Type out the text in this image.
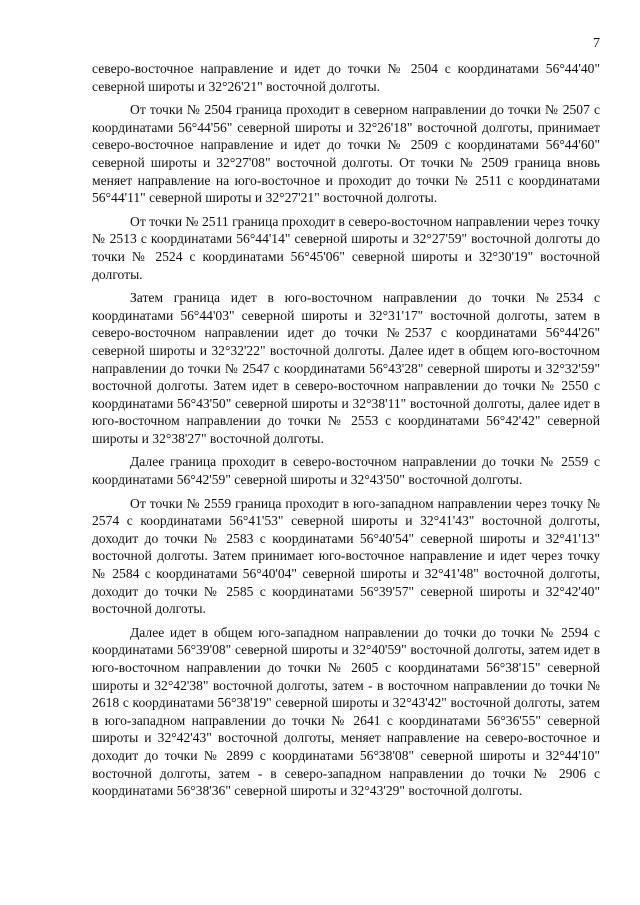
7

северо-восточное направление и идет до точки № 2504 с координатами 56°44'40" северной широты и 32°26'21" восточной долготы.

От точки № 2504 граница проходит в северном направлении до точки № 2507 с координатами 56°44'56" северной широты и 32°26'18" восточной долготы, принимает северо-восточное направление и идет до точки № 2509 с координатами 56°44'60" северной широты и 32°27'08" восточной долготы. От точки № 2509 граница вновь меняет направление на юго-восточное и проходит до точки № 2511 с координатами 56°44'11" северной широты и 32°27'21" восточной долготы.

От точки № 2511 граница проходит в северо-восточном направлении через точку № 2513 с координатами 56°44'14" северной широты и 32°27'59" восточной долготы до точки № 2524 с координатами 56°45'06" северной широты и 32°30'19" восточной долготы.

Затем граница идет в юго-восточном направлении до точки №2534 с координатами 56°44'03" северной широты и 32°31'17" восточной долготы, затем в северо-восточном направлении идет до точки №2537 с координатами 56°44'26" северной широты и 32°32'22" восточной долготы. Далее идет в общем юго-восточном направлении до точки № 2547 с координатами 56°43'28" северной широты и 32°32'59" восточной долготы. Затем идет в северо-восточном направлении до точки № 2550 с координатами 56°43'50" северной широты и 32°38'11" восточной долготы, далее идет в юго-восточном направлении до точки № 2553 с координатами 56°42'42" северной широты и 32°38'27" восточной долготы.

Далее граница проходит в северо-восточном направлении до точки № 2559 с координатами 56°42'59" северной широты и 32°43'50" восточной долготы.

От точки № 2559 граница проходит в юго-западном направлении через точку № 2574 с координатами 56°41'53" северной широты и 32°41'43" восточной долготы, доходит до точки № 2583 с координатами 56°40'54" северной широты и 32°41'13" восточной долготы. Затем принимает юго-восточное направление и идет через точку № 2584 с координатами 56°40'04" северной широты и 32°41'48" восточной долготы, доходит до точки № 2585 с координатами 56°39'57" северной широты и 32°42'40" восточной долготы.

Далее идет в общем юго-западном направлении до точки до точки № 2594 с координатами 56°39'08" северной широты и 32°40'59" восточной долготы, затем идет в юго-восточном направлении до точки № 2605 с координатами 56°38'15" северной широты и 32°42'38" восточной долготы, затем - в восточном направлении до точки № 2618 с координатами 56°38'19" северной широты и 32°43'42" восточной долготы, затем в юго-западном направлении до точки № 2641 с координатами 56°36'55" северной широты и 32°42'43" восточной долготы, меняет направление на северо-восточное и доходит до точки № 2899 с координатами 56°38'08" северной широты и 32°44'10" восточной долготы, затем - в северо-западном направлении до точки № 2906 с координатами 56°38'36" северной широты и 32°43'29" восточной долготы.
